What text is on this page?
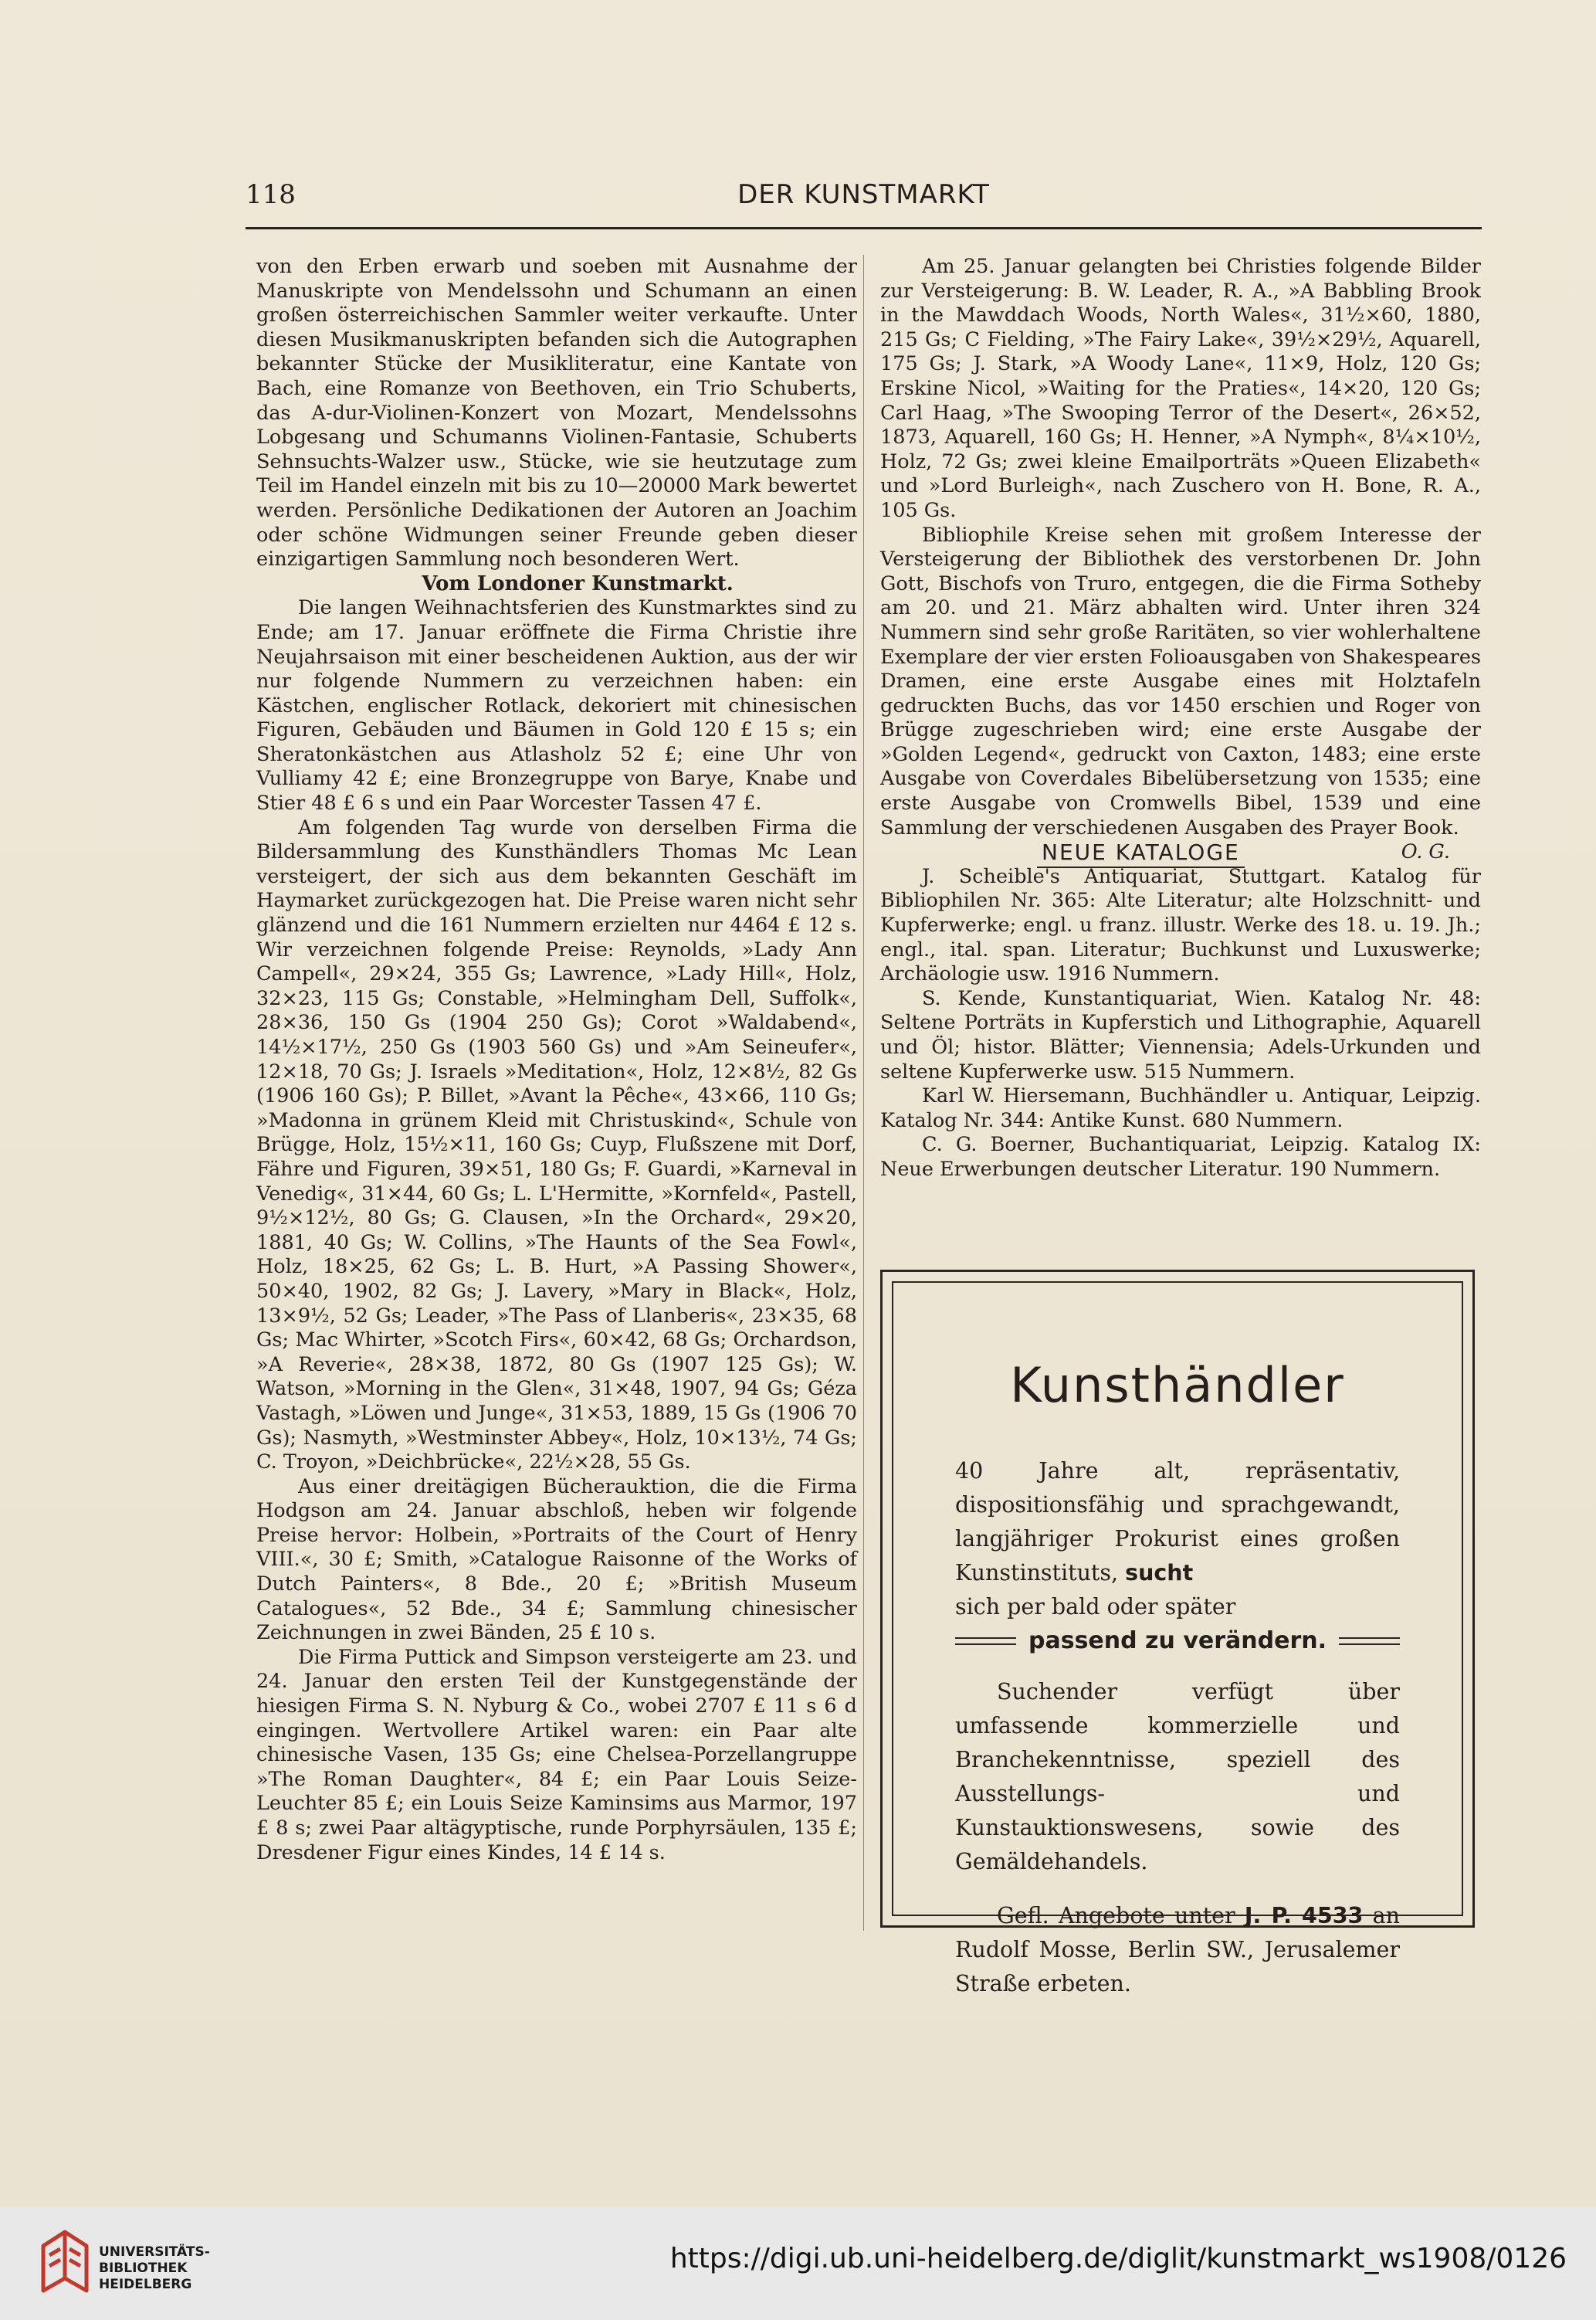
118	DER KUNSTMARKT

von den Erben erwarb und soeben mit Ausnahme der Manuskripte von Mendelssohn und Schumann an einen großen österreichischen Sammler weiter verkaufte. Unter diesen Musikmanuskripten befanden sich die Autographen bekannter Stücke der Musikliteratur, eine Kantate von Bach, eine Romanze von Beethoven, ein Trio Schuberts, das A-dur-Violinen-Konzert von Mozart, Mendelssohns Lobgesang und Schumanns Violinen-Fantasie, Schuberts Sehnsuchts-Walzer usw., Stücke, wie sie heutzutage zum Teil im Handel einzeln mit bis zu 10—20000 Mark bewertet werden. Persönliche Dedikationen der Autoren an Joachim oder schöne Widmungen seiner Freunde geben dieser einzigartigen Sammlung noch besonderen Wert.

Vom Londoner Kunstmarkt.

Die langen Weihnachtsferien des Kunstmarktes sind zu Ende; am 17. Januar eröffnete die Firma Christie ihre Neujahrsaison mit einer bescheidenen Auktion, aus der wir nur folgende Nummern zu verzeichnen haben: ein Kästchen, englischer Rotlack, dekoriert mit chinesischen Figuren, Gebäuden und Bäumen in Gold 120 £ 15 s; ein Sheratonkästchen aus Atlasholz 52 £; eine Uhr von Vulliamy 42 £; eine Bronzegruppe von Barye, Knabe und Stier 48 £ 6 s und ein Paar Worcester Tassen 47 £.

Am folgenden Tag wurde von derselben Firma die Bildersammlung des Kunsthändlers Thomas Mc Lean versteigert, der sich aus dem bekannten Geschäft im Haymarket zurückgezogen hat. Die Preise waren nicht sehr glänzend und die 161 Nummern erzielten nur 4464 £ 12 s. Wir verzeichnen folgende Preise: Reynolds, »Lady Ann Campell«, 29×24, 355 Gs; Lawrence, »Lady Hill«, Holz, 32×23, 115 Gs; Constable, »Helmingham Dell, Suffolk«, 28×36, 150 Gs (1904 250 Gs); Corot »Waldabend«, 14½×17½, 250 Gs (1903 560 Gs) und »Am Seineufer«, 12×18, 70 Gs; J. Israels »Meditation«, Holz, 12×8½, 82 Gs (1906 160 Gs); P. Billet, »Avant la Pêche«, 43×66, 110 Gs; »Madonna in grünem Kleid mit Christuskind«, Schule von Brügge, Holz, 15½×11, 160 Gs; Cuyp, Flußszene mit Dorf, Fähre und Figuren, 39×51, 180 Gs; F. Guardi, »Karneval in Venedig«, 31×44, 60 Gs; L. L'Hermitte, »Kornfeld«, Pastell, 9½×12½, 80 Gs; G. Clausen, »In the Orchard«, 29×20, 1881, 40 Gs; W. Collins, »The Haunts of the Sea Fowl«, Holz, 18×25, 62 Gs; L. B. Hurt, »A Passing Shower«, 50×40, 1902, 82 Gs; J. Lavery, »Mary in Black«, Holz, 13×9½, 52 Gs; Leader, »The Pass of Llanberis«, 23×35, 68 Gs; Mac Whirter, »Scotch Firs«, 60×42, 68 Gs; Orchardson, »A Reverie«, 28×38, 1872, 80 Gs (1907 125 Gs); W. Watson, »Morning in the Glen«, 31×48, 1907, 94 Gs; Géza Vastagh, »Löwen und Junge«, 31×53, 1889, 15 Gs (1906 70 Gs); Nasmyth, »Westminster Abbey«, Holz, 10×13½, 74 Gs; C. Troyon, »Deichbrücke«, 22½×28, 55 Gs.

Aus einer dreitägigen Bücherauktion, die die Firma Hodgson am 24. Januar abschloß, heben wir folgende Preise hervor: Holbein, »Portraits of the Court of Henry VIII.«, 30 £; Smith, »Catalogue Raisonne of the Works of Dutch Painters«, 8 Bde., 20 £; »British Museum Catalogues«, 52 Bde., 34 £; Sammlung chinesischer Zeichnungen in zwei Bänden, 25 £ 10 s.

Die Firma Puttick and Simpson versteigerte am 23. und 24. Januar den ersten Teil der Kunstgegenstände der hiesigen Firma S. N. Nyburg & Co., wobei 2707 £ 11 s 6 d eingingen. Wertvollere Artikel waren: ein Paar alte chinesische Vasen, 135 Gs; eine Chelsea-Porzellangruppe »The Roman Daughter«, 84 £; ein Paar Louis Seize-Leuchter 85 £; ein Louis Seize Kaminsims aus Marmor, 197 £ 8 s; zwei Paar altägyptische, runde Porphyrsäulen, 135 £; Dresdener Figur eines Kindes, 14 £ 14 s.

Am 25. Januar gelangten bei Christies folgende Bilder zur Versteigerung: B. W. Leader, R. A., »A Babbling Brook in the Mawddach Woods, North Wales«, 31½×60, 1880, 215 Gs; C Fielding, »The Fairy Lake«, 39½×29½, Aquarell, 175 Gs; J. Stark, »A Woody Lane«, 11×9, Holz, 120 Gs; Erskine Nicol, »Waiting for the Praties«, 14×20, 120 Gs; Carl Haag, »The Swooping Terror of the Desert«, 26×52, 1873, Aquarell, 160 Gs; H. Henner, »A Nymph«, 8¼×10½, Holz, 72 Gs; zwei kleine Emailporträts »Queen Elizabeth« und »Lord Burleigh«, nach Zuschero von H. Bone, R. A., 105 Gs.

Bibliophile Kreise sehen mit großem Interesse der Versteigerung der Bibliothek des verstorbenen Dr. John Gott, Bischofs von Truro, entgegen, die die Firma Sotheby am 20. und 21. März abhalten wird. Unter ihren 324 Nummern sind sehr große Raritäten, so vier wohlerhaltene Exemplare der vier ersten Folioausgaben von Shakespeares Dramen, eine erste Ausgabe eines mit Holztafeln gedruckten Buchs, das vor 1450 erschien und Roger von Brügge zugeschrieben wird; eine erste Ausgabe der »Golden Legend«, gedruckt von Caxton, 1483; eine erste Ausgabe von Coverdales Bibelübersetzung von 1535; eine erste Ausgabe von Cromwells Bibel, 1539 und eine Sammlung der verschiedenen Ausgaben des Prayer Book.
O. G.

NEUE KATALOGE

J. Scheible's Antiquariat, Stuttgart. Katalog für Bibliophilen Nr. 365: Alte Literatur; alte Holzschnitt- und Kupferwerke; engl. u franz. illustr. Werke des 18. u. 19. Jh.; engl., ital. span. Literatur; Buchkunst und Luxuswerke; Archäologie usw. 1916 Nummern.

S. Kende, Kunstantiquariat, Wien. Katalog Nr. 48: Seltene Porträts in Kupferstich und Lithographie, Aquarell und Öl; histor. Blätter; Viennensia; Adels-Urkunden und seltene Kupferwerke usw. 515 Nummern.

Karl W. Hiersemann, Buchhändler u. Antiquar, Leipzig. Katalog Nr. 344: Antike Kunst. 680 Nummern.

C. G. Boerner, Buchantiquariat, Leipzig. Katalog IX: Neue Erwerbungen deutscher Literatur. 190 Nummern.

Kunsthändler

40 Jahre alt, repräsentativ, dispositionsfähig und sprachgewandt, langjähriger Prokurist eines großen Kunstinstituts, sucht

sich per bald oder später

passend zu verändern.

Suchender verfügt über umfassende kommerzielle und Branchekenntnisse, speziell des Ausstellungs- und Kunstauktionswesens, sowie des Gemäldehandels.

Gefl. Angebote unter J. P. 4533 an Rudolf Mosse, Berlin SW., Jerusalemer Straße erbeten.

UNIVERSITÄTS-
BIBLIOTHEK
HEIDELBERG
https://digi.ub.uni-heidelberg.de/diglit/kunstmarkt_ws1908/0126
